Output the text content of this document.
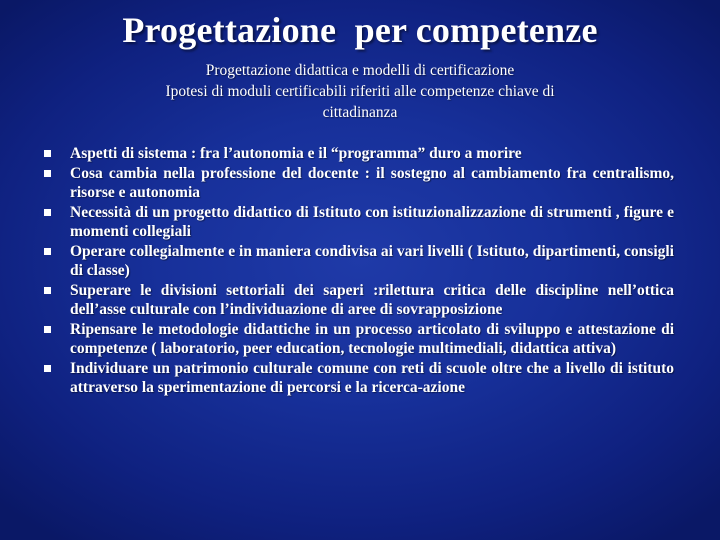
Progettazione  per competenze
Progettazione didattica e modelli di certificazione
Ipotesi di moduli certificabili riferiti alle competenze chiave di
cittadinanza
Aspetti di sistema : fra l’autonomia e il “programma” duro a morire
Cosa cambia nella professione del docente : il sostegno al cambiamento fra centralismo, risorse e autonomia
Necessità di un progetto didattico di Istituto con istituzionalizzazione di strumenti , figure e momenti collegiali
Operare collegialmente e in maniera condivisa ai vari livelli ( Istituto, dipartimenti, consigli di classe)
Superare le divisioni settoriali dei saperi :rilettura critica delle discipline nell’ottica dell’asse culturale con l’individuazione di aree di sovrapposizione
Ripensare le metodologie didattiche in un processo articolato di sviluppo e attestazione di competenze ( laboratorio, peer education, tecnologie multimediali, didattica attiva)
Individuare un patrimonio culturale comune con reti di scuole oltre che a livello di istituto attraverso la sperimentazione di percorsi e la ricerca-azione
